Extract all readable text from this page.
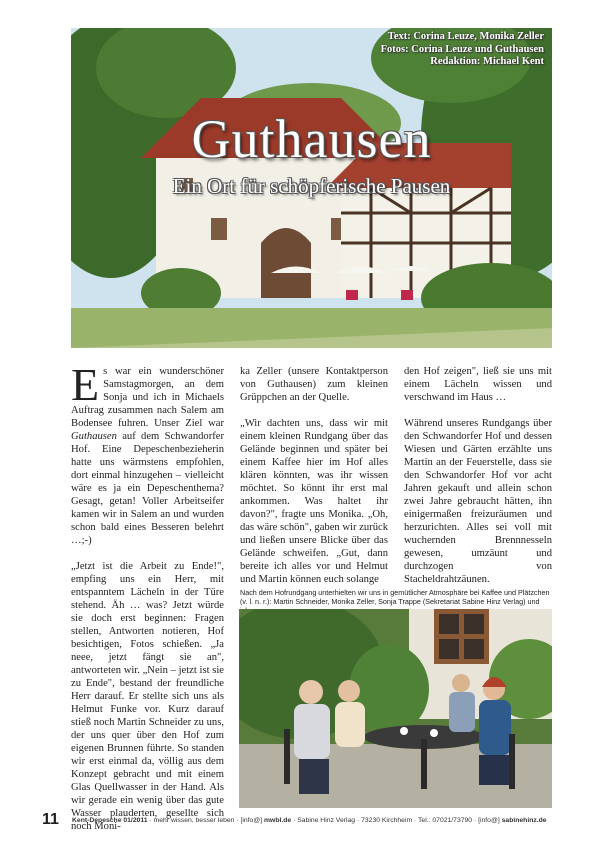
Text: Corina Leuze, Monika Zeller
Fotos: Corina Leuze und Guthausen
Redaktion: Michael Kent
Guthausen
Ein Ort für schöpferische Pausen

Es war ein wunderschöner Samstagmorgen, an dem Sonja und ich in Michaels Auftrag zusammen nach Salem am Bodensee fuhren. Unser Ziel war Guthausen auf dem Schwandorfer Hof. Eine Depeschenbezieherin hatte uns wärmstens empfohlen, dort einmal hinzugehen – vielleicht wäre es ja ein Depeschenthema? Gesagt, getan! Voller Arbeitseifer kamen wir in Salem an und wurden schon bald eines Besseren belehrt …;-)

„Jetzt ist die Arbeit zu Ende!", empfing uns ein Herr, mit entspanntem Lächeln in der Türe stehend. Äh … was? Jetzt würde sie doch erst beginnen: Fragen stellen, Antworten notieren, Hof besichtigen, Fotos schießen. „Ja neee, jetzt fängt sie an", antworteten wir. „Nein – jetzt ist sie zu Ende", bestand der freundliche Herr darauf. Er stellte sich uns als Helmut Funke vor. Kurz darauf stieß noch Martin Schneider zu uns, der uns quer über den Hof zum eigenen Brunnen führte. So standen wir erst einmal da, völlig aus dem Konzept gebracht und mit einem Glas Quellwasser in der Hand. Als wir gerade ein wenig über das gute Wasser plauderten, gesellte sich noch Moni-

ka Zeller (unsere Kontaktperson von Guthausen) zum kleinen Grüppchen an der Quelle.

„Wir dachten uns, dass wir mit einem kleinen Rundgang über das Gelände beginnen und später bei einem Kaffee hier im Hof alles klären könnten, was ihr wissen möchtet. So könnt ihr erst mal ankommen. Was haltet ihr davon?", fragte uns Monika. „Oh, das wäre schön", gaben wir zurück und ließen unsere Blicke über das Gelände schweifen. „Gut, dann bereite ich alles vor und Helmut und Martin können euch solange

den Hof zeigen", ließ sie uns mit einem Lächeln wissen und verschwand im Haus …

Während unseres Rundgangs über den Schwandorfer Hof und dessen Wiesen und Gärten erzählte uns Martin an der Feuerstelle, dass sie den Schwandorfer Hof vor acht Jahren gekauft und allein schon zwei Jahre gebraucht hätten, ihn einigermaßen freizuräumen und herzurichten. Alles sei voll mit wuchernden Brennnesseln gewesen, umzäunt und durchzogen von Stacheldrahtzäunen.

Nach dem Hofrundgang unterhielten wir uns in gemütlicher Atmosphäre bei Kaffee und Plätzchen (v. l. n. r.): Martin Schneider, Monika Zeller, Sonja Trappe (Sekretariat Sabine Hinz Verlag) und
11 Kent-Depesche 01/2011 · mehr wissen, besser leben · [info@] mwbl.de · Sabine Hinz Verlag · 73230 Kirchheim · Tel.: 07021/73790 · [info@] sabinehinz.de
